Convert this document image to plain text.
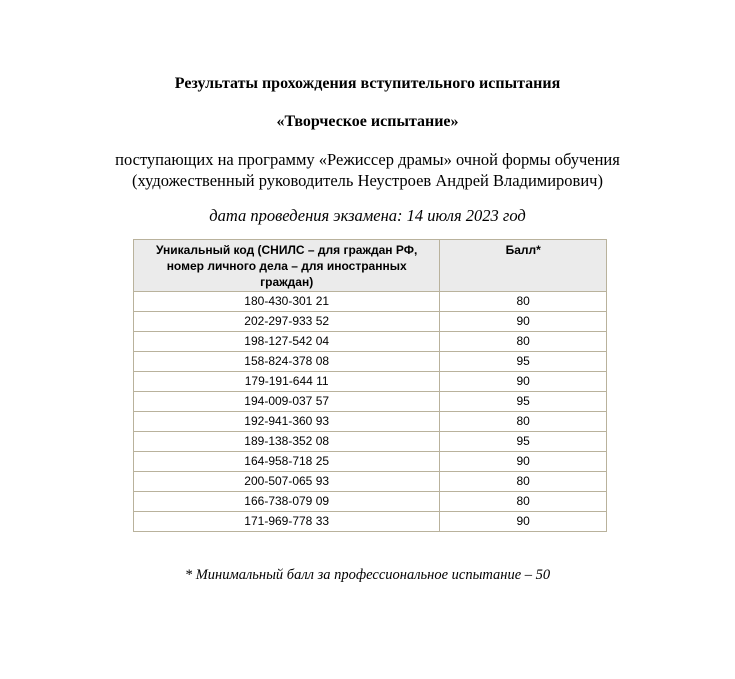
Результаты прохождения вступительного испытания
«Творческое испытание»
поступающих на программу «Режиссер драмы» очной формы обучения
(художественный руководитель Неустроев Андрей Владимирович)
дата проведения экзамена: 14 июля 2023 год
Уникальный код (СНИЛС – для граждан РФ, номер личного дела – для иностранных граждан)	Балл*
180-430-301 21	80
202-297-933 52	90
198-127-542 04	80
158-824-378 08	95
179-191-644 11	90
194-009-037 57	95
192-941-360 93	80
189-138-352 08	95
164-958-718 25	90
200-507-065 93	80
166-738-079 09	80
171-969-778 33	90
* Минимальный балл за профессиональное испытание – 50
